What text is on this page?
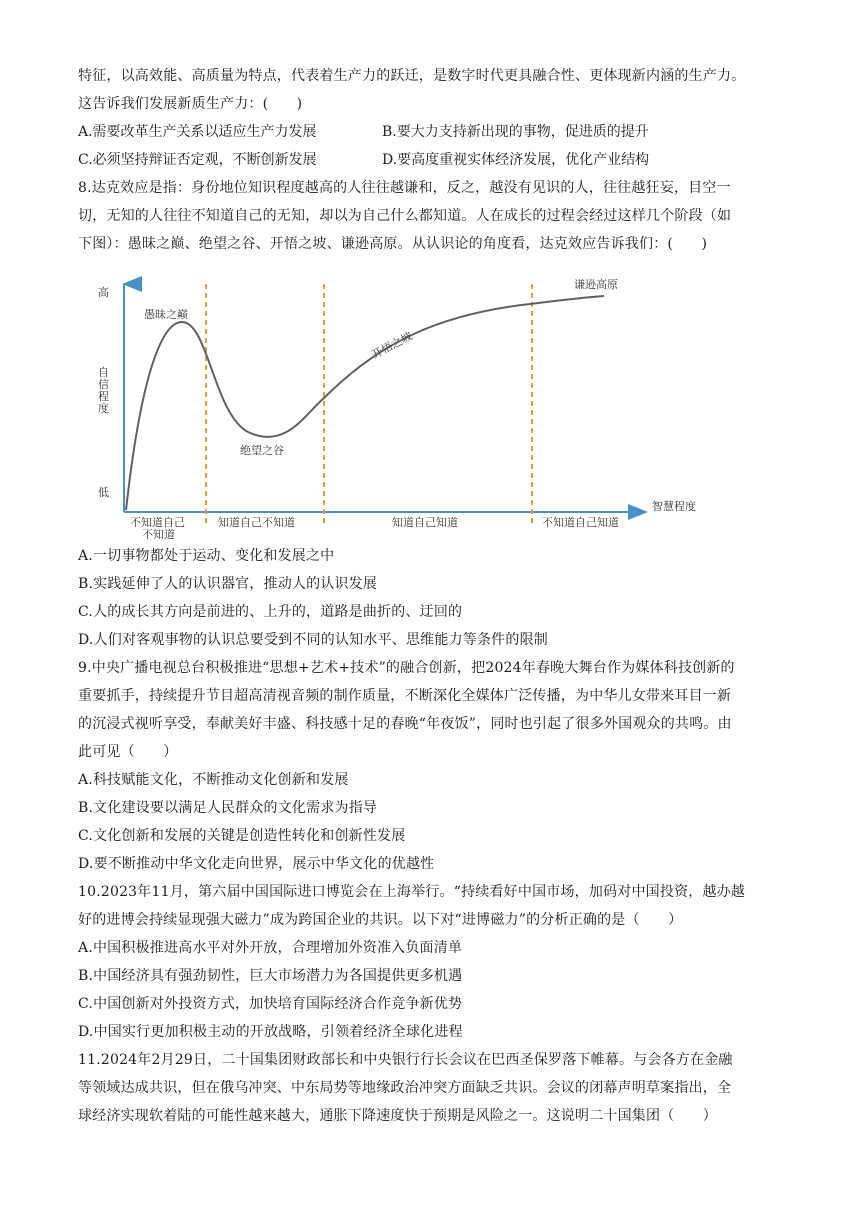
特征，以高效能、高质量为特点，代表着生产力的跃迁，是数字时代更具融合性、更体现新内涵的生产力。
这告诉我们发展新质生产力：(　　)
A.需要改革生产关系以适应生产力发展	B.要大力支持新出现的事物，促进质的提升
C.必须坚持辩证否定观，不断创新发展	D.要高度重视实体经济发展，优化产业结构
8.达克效应是指：身份地位知识程度越高的人往往越谦和，反之，越没有见识的人，往往越狂妄，目空一
切，无知的人往往不知道自己的无知，却以为自己什么都知道。人在成长的过程会经过这样几个阶段（如
下图）：愚昧之巅、绝望之谷、开悟之坡、谦逊高原。从认识论的角度看，达克效应告诉我们：(　　)
高
低
自 信 程 度
智慧程度
愚昧之巅
绝望之谷
开悟之坡
谦逊高原
不知道自己
不知道
知道自己不知道	知道自己知道	不知道自己知道
A.一切事物都处于运动、变化和发展之中
B.实践延伸了人的认识器官，推动人的认识发展
C.人的成长其方向是前进的、上升的，道路是曲折的、迂回的
D.人们对客观事物的认识总要受到不同的认知水平、思维能力等条件的限制
9.中央广播电视总台积极推进“思想+艺术+技术”的融合创新，把2024年春晚大舞台作为媒体科技创新的
重要抓手，持续提升节目超高清视音频的制作质量，不断深化全媒体广泛传播，为中华儿女带来耳目一新
的沉浸式视听享受，奉献美好丰盛、科技感十足的春晚“年夜饭”，同时也引起了很多外国观众的共鸣。由
此可见（　　）
A.科技赋能文化，不断推动文化创新和发展
B.文化建设要以满足人民群众的文化需求为指导
C.文化创新和发展的关键是创造性转化和创新性发展
D.要不断推动中华文化走向世界，展示中华文化的优越性
10.2023年11月，第六届中国国际进口博览会在上海举行。“持续看好中国市场，加码对中国投资，越办越
好的进博会持续显现强大磁力”成为跨国企业的共识。以下对“进博磁力”的分析正确的是（　　）
A.中国积极推进高水平对外开放，合理增加外资准入负面清单
B.中国经济具有强劲韧性，巨大市场潜力为各国提供更多机遇
C.中国创新对外投资方式，加快培育国际经济合作竞争新优势
D.中国实行更加积极主动的开放战略，引领着经济全球化进程
11.2024年2月29日，二十国集团财政部长和中央银行行长会议在巴西圣保罗落下帷幕。与会各方在金融
等领域达成共识，但在俄乌冲突、中东局势等地缘政治冲突方面缺乏共识。会议的闭幕声明草案指出，全
球经济实现软着陆的可能性越来越大，通胀下降速度快于预期是风险之一。这说明二十国集团（　　）
